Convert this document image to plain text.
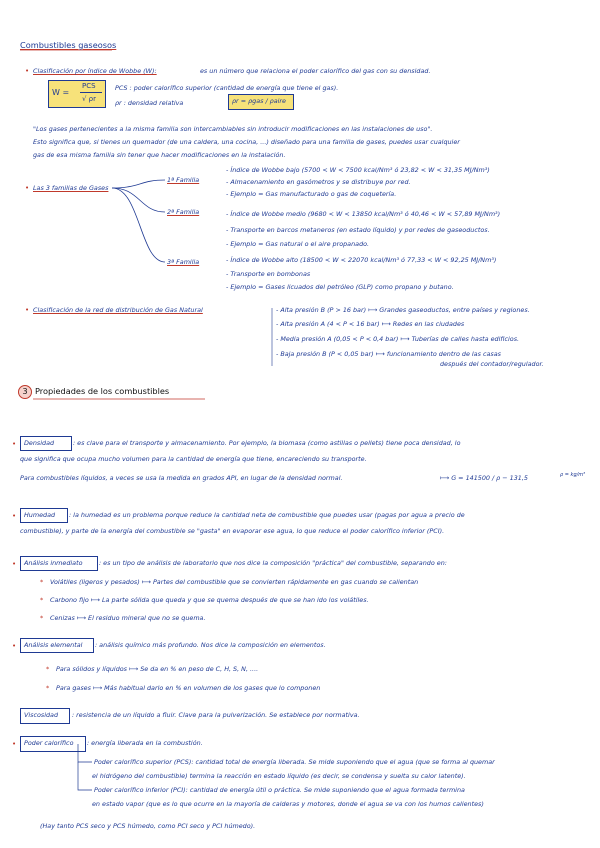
Combustibles gaseosos
• Clasificación por índice de Wobbe (W):	es un número que relaciona el poder calorífico del gas con su densidad.
W =
PCS
√ ρr
PCS : poder calorífico superior (cantidad de energía que tiene el gas).
ρr : densidad relativa	ρr = ρgas / ρaire
"Los gases pertenecientes a la misma familia son intercambiables sin introducir modificaciones en las instalaciones de uso".
Esto significa que, si tienes un quemador (de una caldera, una cocina, ...) diseñado para una familia de gases, puedes usar cualquier
gas de esa misma familia sin tener que hacer modificaciones en la instalación.
• Las 3 familias de Gases
1ª Familia
- Índice de Wobbe bajo (5700 < W < 7500 kcal/Nm³ ó 23,82 < W < 31,35 MJ/Nm³)
- Almacenamiento en gasómetros y se distribuye por red.
- Ejemplo = Gas manufacturado o gas de coquetería.
2ª Familia	- Índice de Wobbe medio (9680 < W < 13850 kcal/Nm³ ó 40,46 < W < 57,89 MJ/Nm³)
- Transporte en barcos metaneros (en estado líquido) y por redes de gaseoductos.
- Ejemplo = Gas natural o el aire propanado.
3ª Familia	- Índice de Wobbe alto (18500 < W < 22070 kcal/Nm³ ó 77,33 < W < 92,25 MJ/Nm³)
- Transporte en bombonas
- Ejemplo = Gases licuados del petróleo (GLP) como propano y butano.
• Clasificación de la red de distribución de Gas Natural	- Alta presión B (P > 16 bar) ⟼ Grandes gaseoductos, entre países y regiones.
- Alta presión A (4 < P < 16 bar) ⟼ Redes en las ciudades
- Media presión A (0,05 < P < 0,4 bar) ⟼ Tuberías de calles hasta edificios.
- Baja presión B (P < 0,05 bar) ⟼ funcionamiento dentro de las casas
después del contador/regulador.
3 Propiedades de los combustibles
• Densidad	: es clave para el transporte y almacenamiento. Por ejemplo, la biomasa (como astillas o pellets) tiene poca densidad, lo
que significa que ocupa mucho volumen para la cantidad de energía que tiene, encareciendo su transporte.
Para combustibles líquidos, a veces se usa la medida en grados API, en lugar de la densidad normal.	⟼ G = 141500 / ρ − 131,5	ρ = kg/m³
• Humedad : la humedad es un problema porque reduce la cantidad neta de combustible que puedes usar (pagas por agua a precio de
combustible), y parte de la energía del combustible se "gasta" en evaporar ese agua, lo que reduce el poder calorífico inferior (PCI).
• Análisis inmediato	: es un tipo de análisis de laboratorio que nos dice la composición "práctica" del combustible, separando en:
Volátiles (ligeros y pesados) ⟼ Partes del combustible que se convierten rápidamente en gas cuando se calientan
Carbono fijo ⟼ La parte sólida que queda y que se quema después de que se han ido los volátiles.
Cenizas ⟼ El residuo mineral que no se quema.
*
*
*
• Análisis elemental : análisis químico más profundo. Nos dice la composición en elementos.
* Para sólidos y líquidos ⟼ Se da en % en peso de C, H, S, N, ....
* Para gases ⟼ Más habitual darlo en % en volumen de los gases que lo componen
Viscosidad : resistencia de un líquido a fluir. Clave para la pulverización. Se establece por normativa.
• Poder calorífico : energía liberada en la combustión.
Poder calorífico superior (PCS): cantidad total de energía liberada. Se mide suponiendo que el agua (que se forma al quemar
el hidrógeno del combustible) termina la reacción en estado líquido (es decir, se condensa y suelta su calor latente).
Poder calorífico inferior (PCI): cantidad de energía útil o práctica. Se mide suponiendo que el agua formada termina
en estado vapor (que es lo que ocurre en la mayoría de calderas y motores, donde el agua se va con los humos calientes)
(Hay tanto PCS seco y PCS húmedo, como PCI seco y PCI húmedo).
